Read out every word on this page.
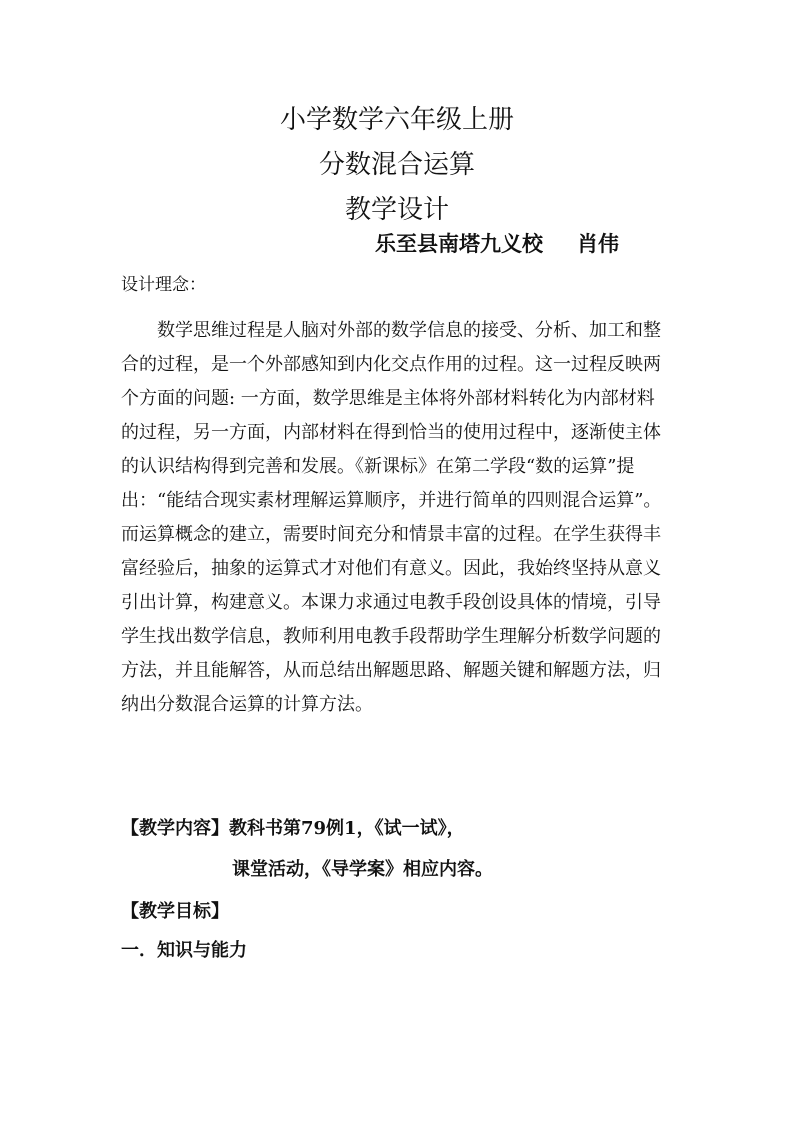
小学数学六年级上册
分数混合运算
教学设计
乐至县南塔九义校 肖伟
设计理念：
数学思维过程是人脑对外部的数学信息的接受、分析、加工和整
合的过程，是一个外部感知到内化交点作用的过程。这一过程反映两
个方面的问题: 一方面，数学思维是主体将外部材料转化为内部材料
的过程，另一方面，内部材料在得到恰当的使用过程中，逐渐使主体
的认识结构得到完善和发展。《新课标》在第二学段“数的运算”提
出：“能结合现实素材理解运算顺序，并进行简单的四则混合运算”。
而运算概念的建立，需要时间充分和情景丰富的过程。在学生获得丰
富经验后，抽象的运算式才对他们有意义。因此，我始终坚持从意义
引出计算，构建意义。本课力求通过电教手段创设具体的情境，引导
学生找出数学信息，教师利用电教手段帮助学生理解分析数学问题的
方法，并且能解答，从而总结出解题思路、解题关键和解题方法，归
纳出分数混合运算的计算方法。
【教学内容】教科书第79例1，《试一试》，
课堂活动，《导学案》相应内容。
【教学目标】
一．知识与能力
